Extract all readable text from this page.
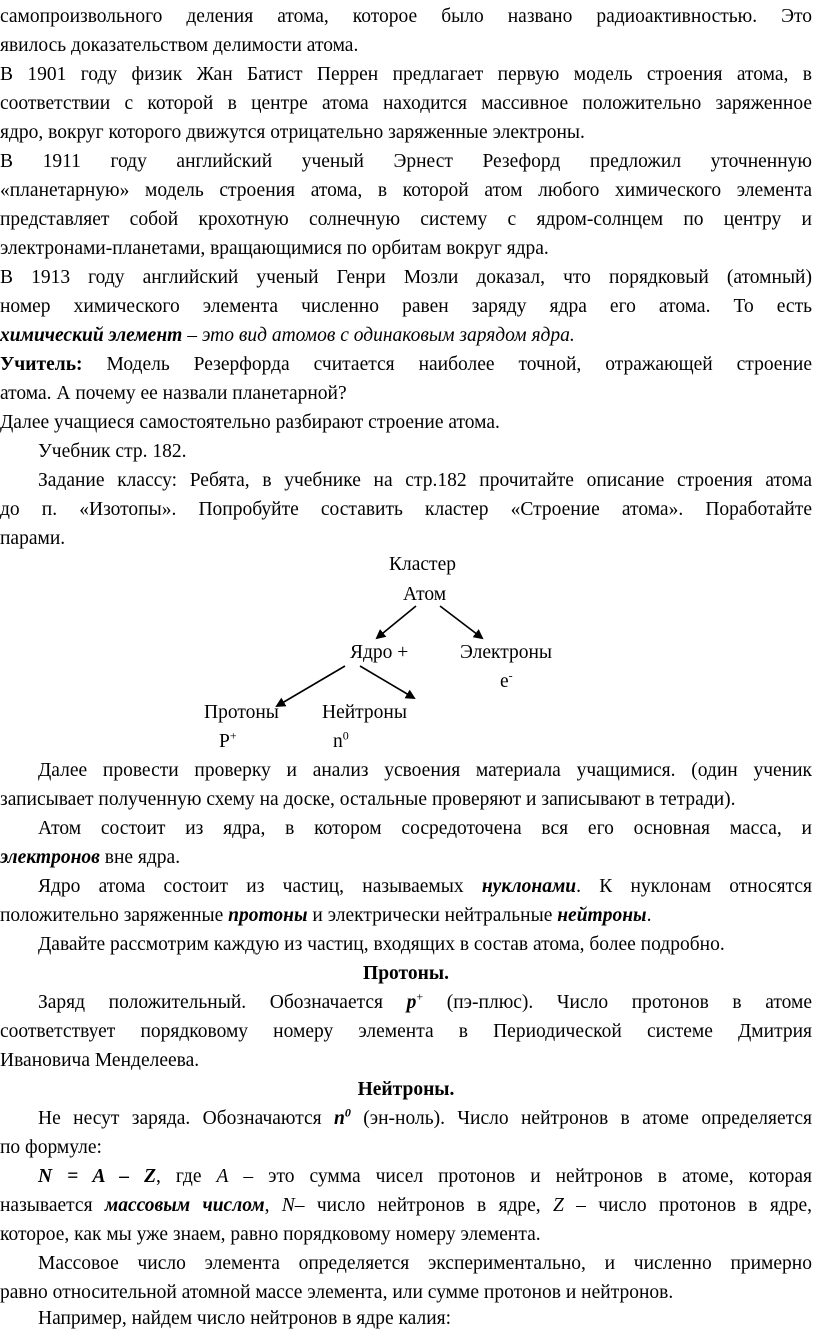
самопроизвольного деления атома, которое было названо радиоактивностью. Это
явилось доказательством делимости атома.
В 1901 году физик Жан Батист Перрен предлагает первую модель строения атома, в
соответствии с которой в центре атома находится массивное положительно заряженное
ядро, вокруг которого движутся отрицательно заряженные электроны.
В 1911 году английский ученый Эрнест Резефорд предложил уточненную
«планетарную» модель строения атома, в которой атом любого химического элемента
представляет собой крохотную солнечную систему с ядром-солнцем по центру и
электронами-планетами, вращающимися по орбитам вокруг ядра.
В 1913 году английский ученый Генри Мозли доказал, что порядковый (атомный)
номер химического элемента численно равен заряду ядра его атома. То есть
химический элемент – это вид атомов с одинаковым зарядом ядра.
Учитель: Модель Резерфорда считается наиболее точной, отражающей строение
атома. А почему ее назвали планетарной?
Далее учащиеся самостоятельно разбирают строение атома.
Учебник стр. 182.
Задание классу: Ребята, в учебнике на стр.182 прочитайте описание строения атома
до п. «Изотопы». Попробуйте составить кластер «Строение атома». Поработайте
парами.
Кластер
Атом
Ядро +	Электроны
e-
Протоны Нейтроны
P+	$n^0$
Далее провести проверку и анализ усвоения материала учащимися. (один ученик
записывает полученную схему на доске, остальные проверяют и записывают в тетради).
Атом состоит из ядра, в котором сосредоточена вся его основная масса, и
электронов вне ядра.
Ядро атома состоит из частиц, называемых нуклонами. К нуклонам относятся
положительно заряженные протоны и электрически нейтральные нейтроны.
Давайте рассмотрим каждую из частиц, входящих в состав атома, более подробно.
Протоны.
Заряд положительный. Обозначается p+ (пэ-плюс). Число протонов в атоме
соответствует порядковому номеру элемента в Периодической системе Дмитрия
Ивановича Менделеева.
Нейтроны.
Не несут заряда. Обозначаются $n^0$ (эн-ноль). Число нейтронов в атоме определяется
по формуле:
N = A – Z, где A – это сумма чисел протонов и нейтронов в атоме, которая
называется массовым числом, N– число нейтронов в ядре, Z – число протонов в ядре,
которое, как мы уже знаем, равно порядковому номеру элемента.
Массовое число элемента определяется экспериментально, и численно примерно
равно относительной атомной массе элемента, или сумме протонов и нейтронов.
Например, найдем число нейтронов в ядре калия:
